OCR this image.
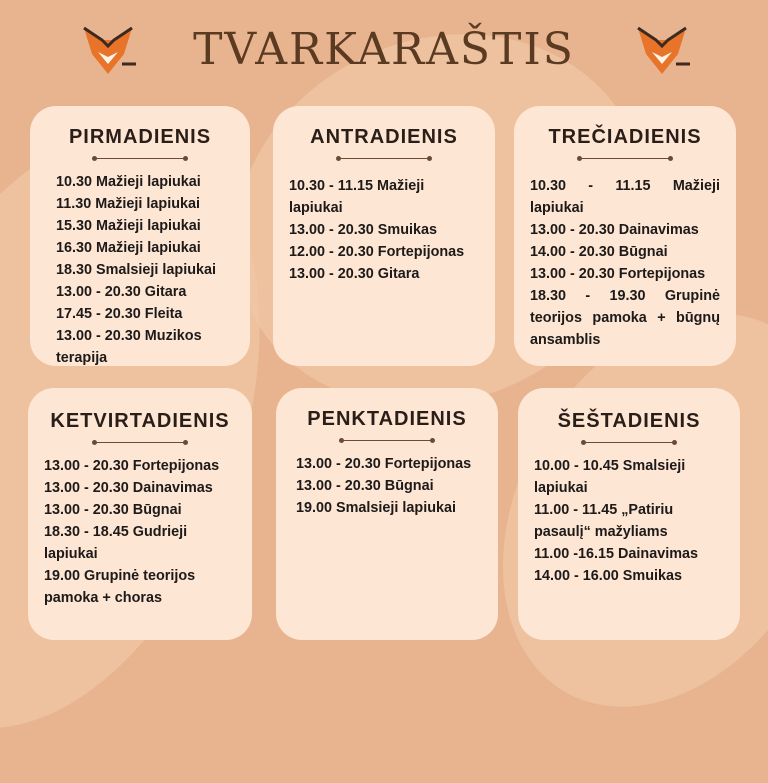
TVARKARAŠTIS
PIRMADIENIS
10.30 Mažieji lapiukai
11.30 Mažieji lapiukai
15.30 Mažieji lapiukai
16.30 Mažieji lapiukai
18.30 Smalsieji lapiukai
13.00 - 20.30 Gitara
17.45 - 20.30 Fleita
13.00 - 20.30 Muzikos terapija
ANTRADIENIS
10.30 - 11.15 Mažieji lapiukai
13.00 - 20.30 Smuikas
12.00 - 20.30 Fortepijonas
13.00 - 20.30 Gitara
TREČIADIENIS
10.30 - 11.15 Mažieji lapiukai
13.00 - 20.30 Dainavimas
14.00 - 20.30 Būgnai
13.00 - 20.30 Fortepijonas
18.30 - 19.30 Grupinė teorijos pamoka + būgnų ansamblis
KETVIRTADIENIS
13.00 - 20.30 Fortepijonas
13.00 - 20.30 Dainavimas
13.00 - 20.30 Būgnai
18.30 - 18.45 Gudrieji lapiukai
19.00 Grupinė teorijos pamoka + choras
PENKTADIENIS
13.00 - 20.30 Fortepijonas
13.00 - 20.30 Būgnai
19.00 Smalsieji lapiukai
ŠEŠTADIENIS
10.00 - 10.45 Smalsieji lapiukai
11.00 - 11.45 „Patiriu pasaulį“ mažyliams
11.00 -16.15 Dainavimas
14.00 - 16.00 Smuikas
